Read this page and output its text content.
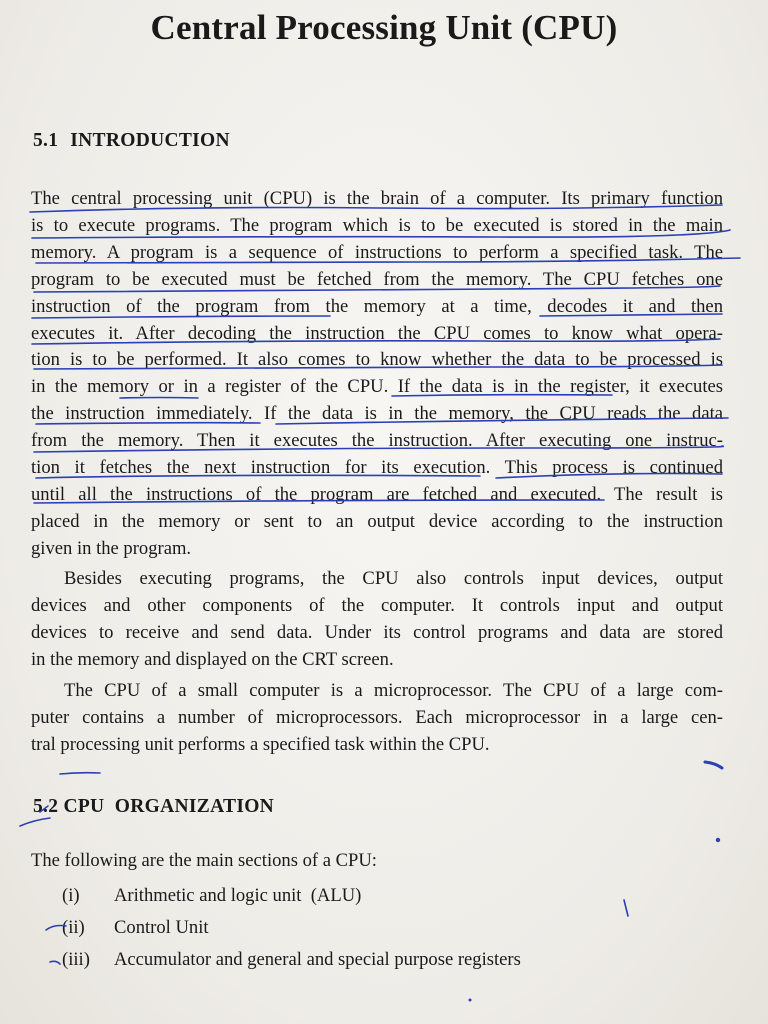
Central Processing Unit (CPU)
5.1 INTRODUCTION
The central processing unit (CPU) is the brain of a computer. Its primary function
is to execute programs. The program which is to be executed is stored in the main
memory. A program is a sequence of instructions to perform a specified task. The
program to be executed must be fetched from the memory. The CPU fetches one
instruction of the program from the memory at a time, decodes it and then
executes it. After decoding the instruction the CPU comes to know what opera-
tion is to be performed. It also comes to know whether the data to be processed is
in the memory or in a register of the CPU. If the data is in the register, it executes
the instruction immediately. If the data is in the memory, the CPU reads the data
from the memory. Then it executes the instruction. After executing one instruc-
tion it fetches the next instruction for its execution. This process is continued
until all the instructions of the program are fetched and executed. The result is
placed in the memory or sent to an output device according to the instruction
given in the program.
Besides executing programs, the CPU also controls input devices, output
devices and other components of the computer. It controls input and output
devices to receive and send data. Under its control programs and data are stored
in the memory and displayed on the CRT screen.
The CPU of a small computer is a microprocessor. The CPU of a large com-
puter contains a number of microprocessors. Each microprocessor in a large cen-
tral processing unit performs a specified task within the CPU.
5.2 CPU  ORGANIZATION
The following are the main sections of a CPU:
(i)	Arithmetic and logic unit  (ALU)
(ii)	Control Unit
(iii)	Accumulator and general and special purpose registers
